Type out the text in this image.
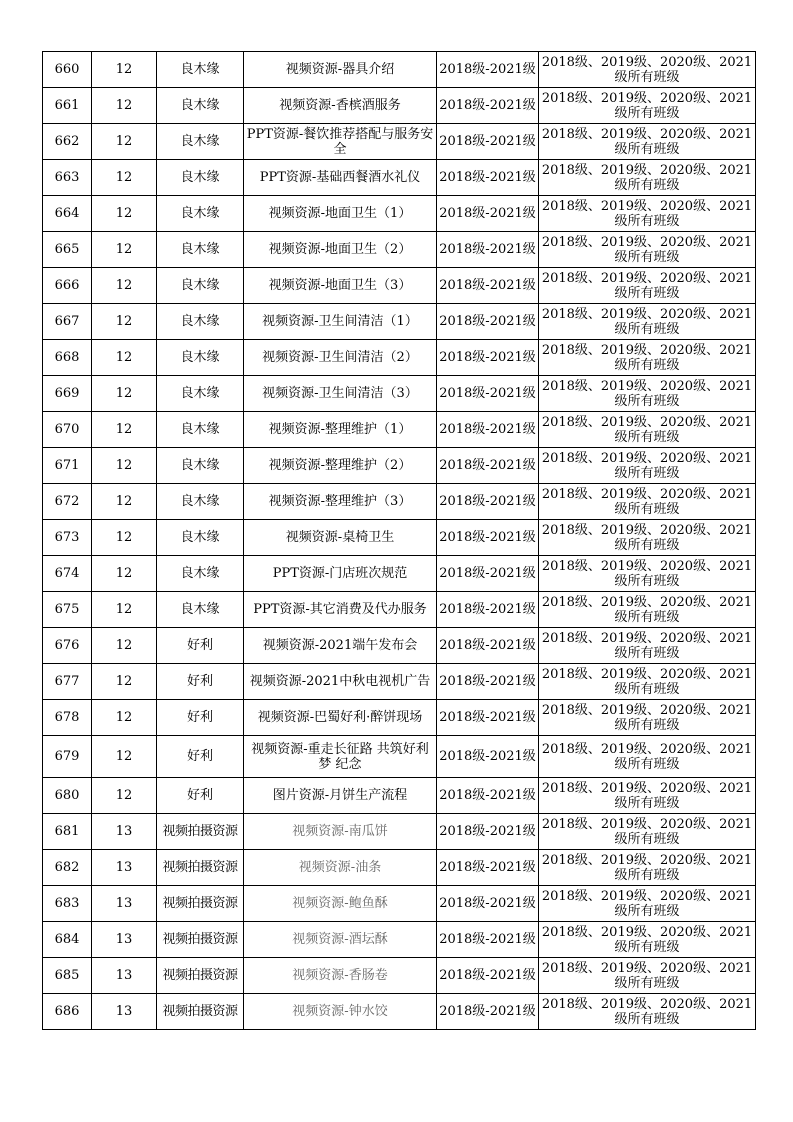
660	12	良木缘	视频资源-器具介绍	2018级-2021级	2018级、2019级、2020级、2021级所有班级
661	12	良木缘	视频资源-香槟酒服务	2018级-2021级	2018级、2019级、2020级、2021级所有班级
662	12	良木缘	PPT资源-餐饮推荐搭配与服务安全	2018级-2021级	2018级、2019级、2020级、2021级所有班级
663	12	良木缘	PPT资源-基础西餐酒水礼仪	2018级-2021级	2018级、2019级、2020级、2021级所有班级
664	12	良木缘	视频资源-地面卫生（1）	2018级-2021级	2018级、2019级、2020级、2021级所有班级
665	12	良木缘	视频资源-地面卫生（2）	2018级-2021级	2018级、2019级、2020级、2021级所有班级
666	12	良木缘	视频资源-地面卫生（3）	2018级-2021级	2018级、2019级、2020级、2021级所有班级
667	12	良木缘	视频资源-卫生间清洁（1）	2018级-2021级	2018级、2019级、2020级、2021级所有班级
668	12	良木缘	视频资源-卫生间清洁（2）	2018级-2021级	2018级、2019级、2020级、2021级所有班级
669	12	良木缘	视频资源-卫生间清洁（3）	2018级-2021级	2018级、2019级、2020级、2021级所有班级
670	12	良木缘	视频资源-整理维护（1）	2018级-2021级	2018级、2019级、2020级、2021级所有班级
671	12	良木缘	视频资源-整理维护（2）	2018级-2021级	2018级、2019级、2020级、2021级所有班级
672	12	良木缘	视频资源-整理维护（3）	2018级-2021级	2018级、2019级、2020级、2021级所有班级
673	12	良木缘	视频资源-桌椅卫生	2018级-2021级	2018级、2019级、2020级、2021级所有班级
674	12	良木缘	PPT资源-门店班次规范	2018级-2021级	2018级、2019级、2020级、2021级所有班级
675	12	良木缘	PPT资源-其它消费及代办服务	2018级-2021级	2018级、2019级、2020级、2021级所有班级
676	12	好利	视频资源-2021端午发布会	2018级-2021级	2018级、2019级、2020级、2021级所有班级
677	12	好利	视频资源-2021中秋电视机广告	2018级-2021级	2018级、2019级、2020级、2021级所有班级
678	12	好利	视频资源-巴蜀好利·醉饼现场	2018级-2021级	2018级、2019级、2020级、2021级所有班级
679	12	好利	视频资源-重走长征路 共筑好利梦 纪念	2018级-2021级	2018级、2019级、2020级、2021级所有班级
680	12	好利	图片资源-月饼生产流程	2018级-2021级	2018级、2019级、2020级、2021级所有班级
681	13	视频拍摄资源	视频资源-南瓜饼	2018级-2021级	2018级、2019级、2020级、2021级所有班级
682	13	视频拍摄资源	视频资源-油条	2018级-2021级	2018级、2019级、2020级、2021级所有班级
683	13	视频拍摄资源	视频资源-鲍鱼酥	2018级-2021级	2018级、2019级、2020级、2021级所有班级
684	13	视频拍摄资源	视频资源-酒坛酥	2018级-2021级	2018级、2019级、2020级、2021级所有班级
685	13	视频拍摄资源	视频资源-香肠卷	2018级-2021级	2018级、2019级、2020级、2021级所有班级
686	13	视频拍摄资源	视频资源-钟水饺	2018级-2021级	2018级、2019级、2020级、2021级所有班级
